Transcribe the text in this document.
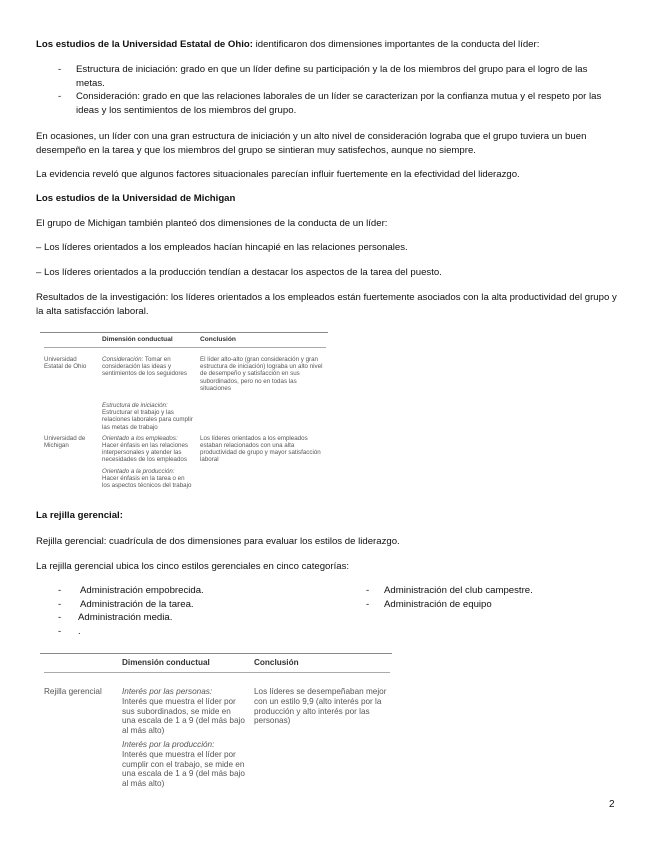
Los estudios de la Universidad Estatal de Ohio: identificaron dos dimensiones importantes de la conducta del líder:

- Estructura de iniciación: grado en que un líder define su participación y la de los miembros del grupo para el logro de las metas.
- Consideración: grado en que las relaciones laborales de un líder se caracterizan por la confianza mutua y el respeto por las ideas y los sentimientos de los miembros del grupo.

En ocasiones, un líder con una gran estructura de iniciación y un alto nivel de consideración lograba que el grupo tuviera un buen desempeño en la tarea y que los miembros del grupo se sintieran muy satisfechos, aunque no siempre.

La evidencia reveló que algunos factores situacionales parecían influir fuertemente en la efectividad del liderazgo.

Los estudios de la Universidad de Michigan

El grupo de Michigan también planteó dos dimensiones de la conducta de un líder:

– Los líderes orientados a los empleados hacían hincapié en las relaciones personales.

– Los líderes orientados a la producción tendían a destacar los aspectos de la tarea del puesto.

Resultados de la investigación: los líderes orientados a los empleados están fuertemente asociados con la alta productividad del grupo y la alta satisfacción laboral.

	Dimensión conductual	Conclusión
Universidad Estatal de Ohio	Consideración: Tomar en consideración las ideas y sentimientos de los seguidores	El líder alto-alto (gran consideración y gran estructura de iniciación) lograba un alto nivel de desempeño y satisfacción en sus subordinados, pero no en todas las situaciones
	Estructura de iniciación:
Estructurar el trabajo y las relaciones laborales para cumplir las metas de trabajo	
Universidad de Michigan	Orientado a los empleados:
Hacer énfasis en las relaciones interpersonales y atender las necesidades de los empleados	Los líderes orientados a los empleados estaban relacionados con una alta productividad de grupo y mayor satisfacción laboral
	Orientado a la producción:
Hacer énfasis en la tarea o en los aspectos técnicos del trabajo	

La rejilla gerencial:

Rejilla gerencial: cuadrícula de dos dimensiones para evaluar los estilos de liderazgo.

La rejilla gerencial ubica los cinco estilos gerenciales en cinco categorías:

- Administración empobrecida.
- Administración de la tarea.
- Administración media.
- .
- Administración del club campestre.
- Administración de equipo
	Dimensión conductual	Conclusión
Rejilla gerencial	Interés por las personas:
Interés que muestra el líder por sus subordinados, se mide en una escala de 1 a 9 (del más bajo al más alto)
Interés por la producción:
Interés que muestra el líder por cumplir con el trabajo, se mide en una escala de 1 a 9 (del más bajo al más alto)	Los líderes se desempeñaban mejor con un estilo 9,9 (alto interés por la producción y alto interés por las personas)

2
